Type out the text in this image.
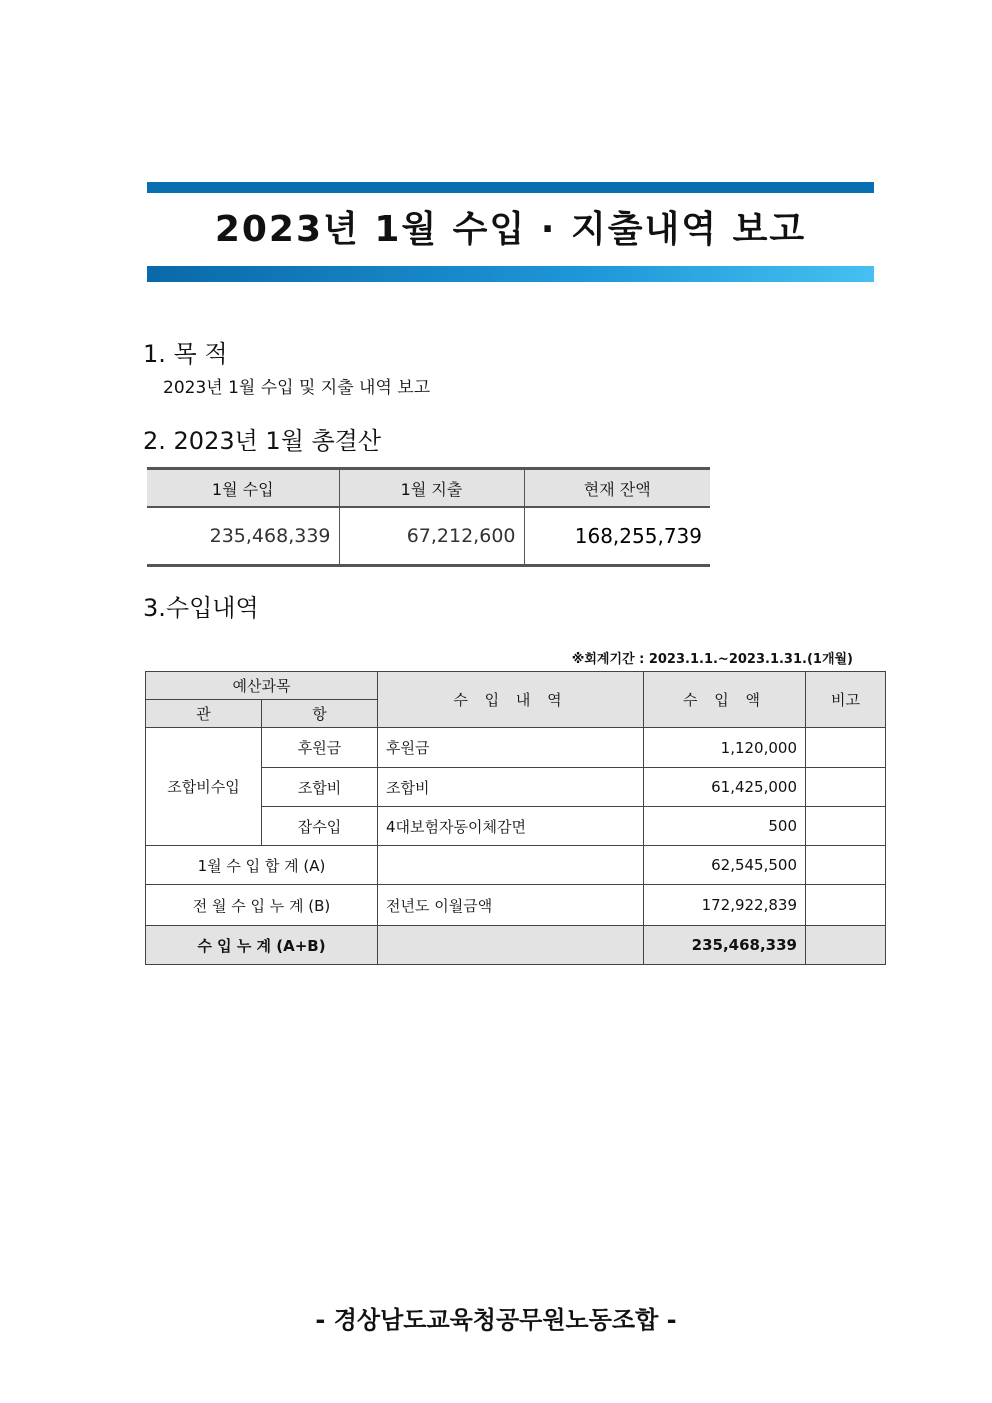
2023년 1월 수입 · 지출내역 보고
1. 목 적
2023년 1월 수입 및 지출 내역 보고
2. 2023년 1월 총결산
1월 수입	1월 지출	현재 잔액
235,468,339	67,212,600	168,255,739
3.수입내역
※회계기간 : 2023.1.1.~2023.1.31.(1개월)
예산과목		수 입 내 역	수 입 액	비고
관	항			
조합비수입	후원금	후원금	1,120,000	
	조합비	조합비	61,425,000	
	잡수입	4대보험자동이체감면	500	
1월 수 입 합 계 (A)			62,545,500	
전 월 수 입 누 계 (B)		전년도 이월금액	172,922,839	
수 입 누 계 (A+B)			235,468,339	
- 경상남도교육청공무원노동조합 -
